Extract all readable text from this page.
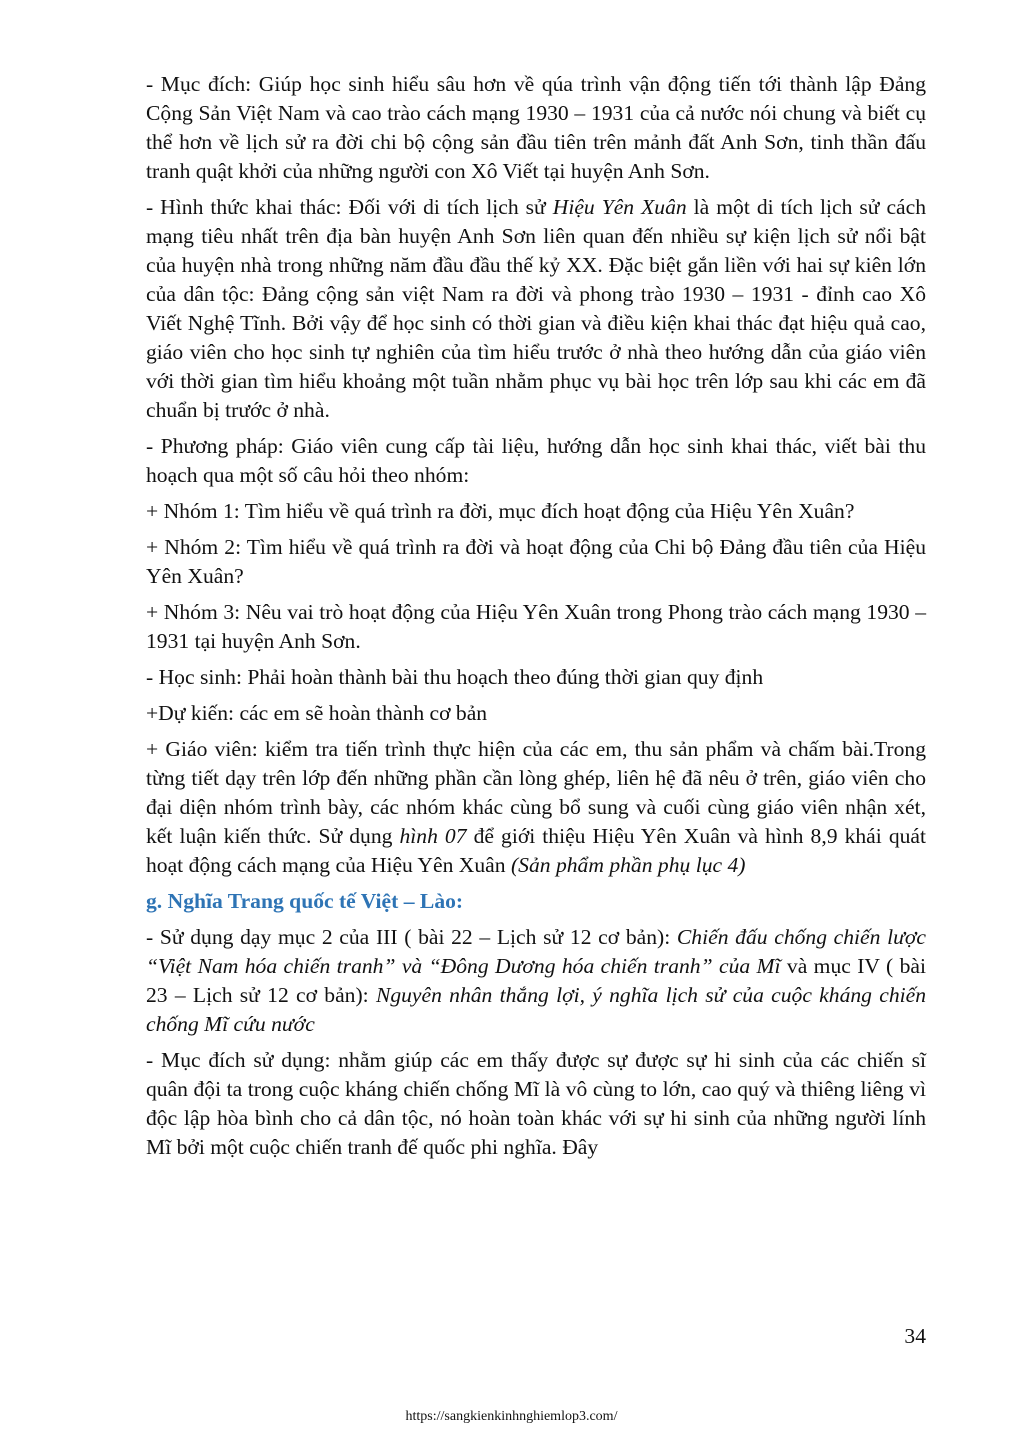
- Mục đích: Giúp học sinh hiểu sâu hơn về qúa trình vận động tiến tới thành lập Đảng Cộng Sản Việt Nam và cao trào cách mạng 1930 – 1931 của cả nước nói chung và biết cụ thể hơn về lịch sử ra đời chi bộ cộng sản đầu tiên trên mảnh đất Anh Sơn, tinh thần đấu tranh quật khởi của những người con Xô Viết tại huyện Anh Sơn.

- Hình thức khai thác: Đối với di tích lịch sử Hiệu Yên Xuân là một di tích lịch sử cách mạng tiêu nhất trên địa bàn huyện Anh Sơn liên quan đến nhiều sự kiện lịch sử nổi bật của huyện nhà trong những năm đầu đầu thế kỷ XX. Đặc biệt gắn liền với hai sự kiên lớn của dân tộc: Đảng cộng sản việt Nam ra đời và phong trào 1930 – 1931 - đỉnh cao Xô Viết Nghệ Tĩnh. Bởi vậy để học sinh có thời gian và điều kiện khai thác đạt hiệu quả cao, giáo viên cho học sinh tự nghiên của tìm hiểu trước ở nhà theo hướng dẫn của giáo viên với thời gian tìm hiểu khoảng một tuần nhằm phục vụ bài học trên lớp sau khi các em đã chuẩn bị trước ở nhà.

- Phương pháp: Giáo viên cung cấp tài liệu, hướng dẫn học sinh khai thác, viết bài thu hoạch qua một số câu hỏi theo nhóm:

+ Nhóm 1: Tìm hiểu về quá trình ra đời, mục đích hoạt động của Hiệu Yên Xuân?

+ Nhóm 2: Tìm hiểu về quá trình ra đời và hoạt động của Chi bộ Đảng đầu tiên của Hiệu Yên Xuân?

+ Nhóm 3: Nêu vai trò hoạt động của Hiệu Yên Xuân trong Phong trào cách mạng 1930 – 1931 tại huyện Anh Sơn.

- Học sinh: Phải hoàn thành bài thu hoạch theo đúng thời gian quy định

+Dự kiến: các em sẽ hoàn thành cơ bản

+ Giáo viên: kiểm tra tiến trình thực hiện của các em, thu sản phẩm và chấm bài.Trong từng tiết dạy trên lớp đến những phần cần lòng ghép, liên hệ đã nêu ở trên, giáo viên cho đại diện nhóm trình bày, các nhóm khác cùng bổ sung và cuối cùng giáo viên nhận xét, kết luận kiến thức. Sử dụng hình 07 để giới thiệu Hiệu Yên Xuân và hình 8,9 khái quát hoạt động cách mạng của Hiệu Yên Xuân (Sản phẩm phần phụ lục 4)

g. Nghĩa Trang quốc tế Việt – Lào:

- Sử dụng dạy mục 2 của III ( bài 22 – Lịch sử 12 cơ bản): Chiến đấu chống chiến lược “Việt Nam hóa chiến tranh” và “Đông Dương hóa chiến tranh” của Mĩ và mục IV ( bài 23 – Lịch sử 12 cơ bản): Nguyên nhân thắng lợi, ý nghĩa lịch sử của cuộc kháng chiến chống Mĩ cứu nước

- Mục đích sử dụng: nhằm giúp các em thấy được sự được sự hi sinh của các chiến sĩ quân đội ta trong cuộc kháng chiến chống Mĩ là vô cùng to lớn, cao quý và thiêng liêng vì độc lập hòa bình cho cả dân tộc, nó hoàn toàn khác với sự hi sinh của những người lính Mĩ bởi một cuộc chiến tranh đế quốc phi nghĩa. Đây

34
https://sangkienkinhnghiemlop3.com/
